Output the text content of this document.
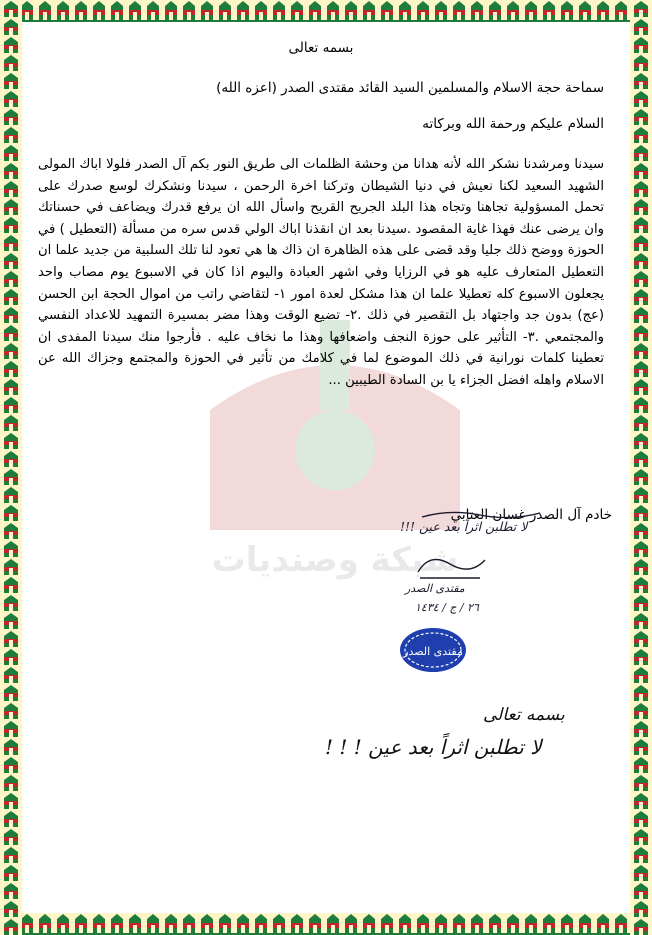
شبكة وصنديات

بسمه تعالى

سماحة حجة الاسلام والمسلمين السيد القائد مقتدى الصدر (اعزه الله)

السلام عليكم ورحمة الله وبركاته

سيدنا ومرشدنا نشكر الله لأنه هدانا من وحشة الظلمات الى طريق النور بكم آل الصدر فلولا اباك المولى الشهيد السعيد لكنا نعيش في دنيا الشيطان وتركنا اخرة الرحمن ، سيدنا ونشكرك لوسع صدرك على تحمل المسؤولية تجاهنا وتجاه هذا البلد الجريح القريح واسأل الله ان يرفع قدرك ويضاعف في حسناتك وان يرضى عنك فهذا غاية المقصود .سيدنا بعد ان انقذنا اباك الولي قدس سره من مسألة (التعطيل ) في الحوزة ووضح ذلك جليا وقد قضى على هذه الظاهرة ان ذاك ها هي تعود لنا تلك السلبية من جديد علما ان التعطيل المتعارف عليه هو في الرزايا وفي اشهر العبادة واليوم اذا كان في الاسبوع يوم مصاب واحد يجعلون الاسبوع كله تعطيلا علما ان هذا مشكل لعدة امور ١- لتقاضي راتب من اموال الحجة ابن الحسن (عج) بدون جد واجتهاد بل التقصير في ذلك .٢- تضيع الوقت وهذا مضر بمسيرة التمهيد للاعداد النفسي والمجتمعي .٣- التأثير على حوزة النجف واضعافها وهذا ما نخاف عليه . فأرجوا منك سيدنا المفدى ان تعطينا كلمات نورانية في ذلك الموضوع لما في كلامك من تأثير في الحوزة والمجتمع وجزاك الله عن الاسلام واهله افضل الجزاء يا بن السادة الطيبين ...

خادم آل الصدر غسان العتابي
لا تطلبن اثراً بعد عين !!!
مقتدى الصدر
٢٦ / ج / ١٤٣٤
مقتدى الصدر
بسمه تعالى
لا تطلبن اثراً بعد عين ! ! !
